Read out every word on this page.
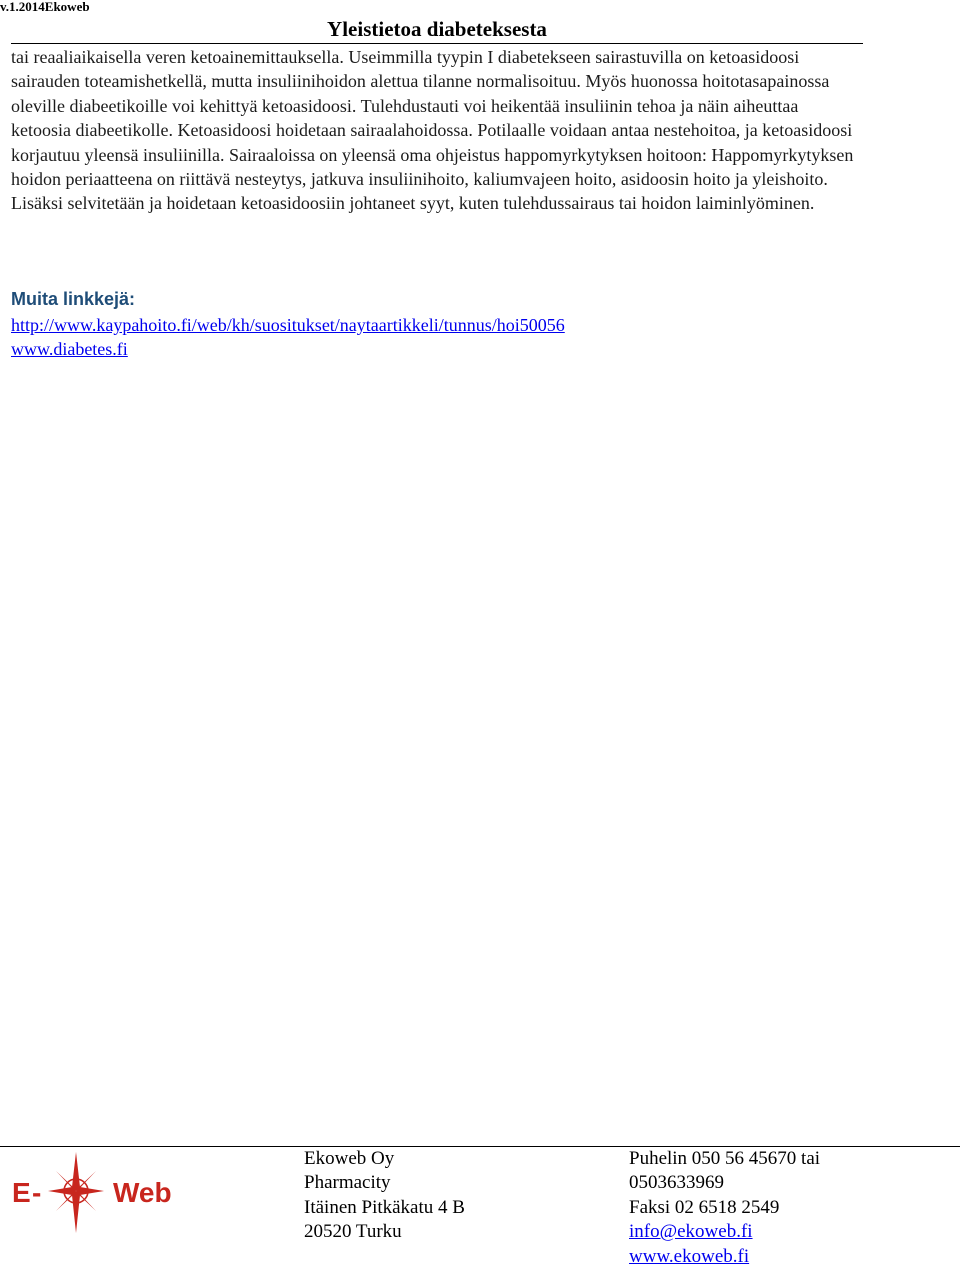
v.1.2014Ekoweb
Yleistietoa diabeteksesta

tai reaaliaikaisella veren ketoainemittauksella. Useimmilla tyypin I diabetekseen sairastuvilla on ketoasidoosi sairauden toteamishetkellä, mutta insuliinihoidon alettua tilanne normalisoituu. Myös huonossa hoitotasapainossa oleville diabeetikoille voi kehittyä ketoasidoosi. Tulehdustauti voi heikentää insuliinin tehoa ja näin aiheuttaa ketoosia diabeetikolle. Ketoasidoosi hoidetaan sairaalahoidossa. Potilaalle voidaan antaa nestehoitoa, ja ketoasidoosi korjautuu yleensä insuliinilla. Sairaaloissa on yleensä oma ohjeistus happomyrkytyksen hoitoon: Happomyrkytyksen hoidon periaatteena on riittävä nesteytys, jatkuva insuliinihoito, kaliumvajeen hoito, asidoosin hoito ja yleishoito. Lisäksi selvitetään ja hoidetaan ketoasidoosiin johtaneet syyt, kuten tulehdussairaus tai hoidon laiminlyöminen.

Muita linkkejä:
http://www.kaypahoito.fi/web/kh/suositukset/naytaartikkeli/tunnus/hoi50056
www.diabetes.fi
E -	Web
Ekoweb Oy
Pharmacity
Itäinen Pitkäkatu 4 B
20520 Turku
Puhelin 050 56 45670 tai
0503633969
Faksi 02 6518 2549
info@ekoweb.fi
www.ekoweb.fi
